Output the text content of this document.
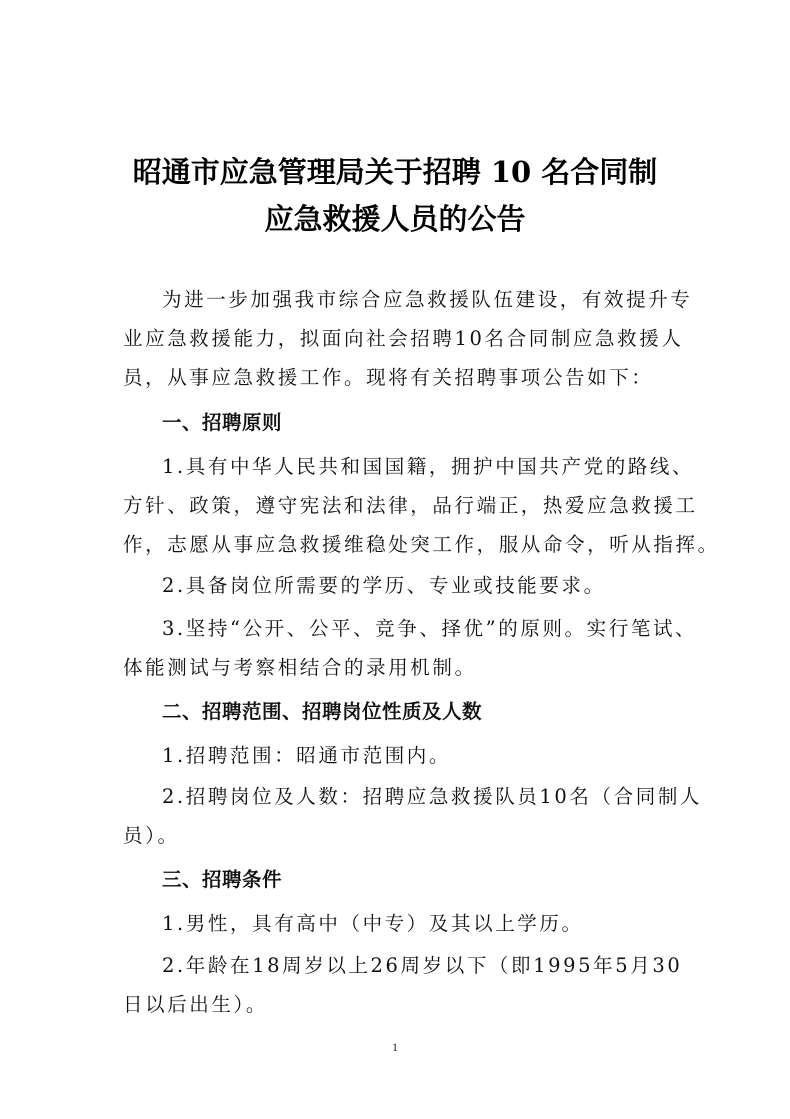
昭通市应急管理局关于招聘 10 名合同制
应急救援人员的公告
为进一步加强我市综合应急救援队伍建设，有效提升专
业应急救援能力，拟面向社会招聘10名合同制应急救援人
员，从事应急救援工作。现将有关招聘事项公告如下：
一、招聘原则
1.具有中华人民共和国国籍，拥护中国共产党的路线、
方针、政策，遵守宪法和法律，品行端正，热爱应急救援工
作，志愿从事应急救援维稳处突工作，服从命令，听从指挥。
2.具备岗位所需要的学历、专业或技能要求。
3.坚持“公开、公平、竞争、择优”的原则。实行笔试、
体能测试与考察相结合的录用机制。
二、招聘范围、招聘岗位性质及人数
1.招聘范围：昭通市范围内。
2.招聘岗位及人数：招聘应急救援队员10名（合同制人
员）。
三、招聘条件
1.男性，具有高中（中专）及其以上学历。
2.年龄在18周岁以上26周岁以下（即1995年5月30
日以后出生）。
1
